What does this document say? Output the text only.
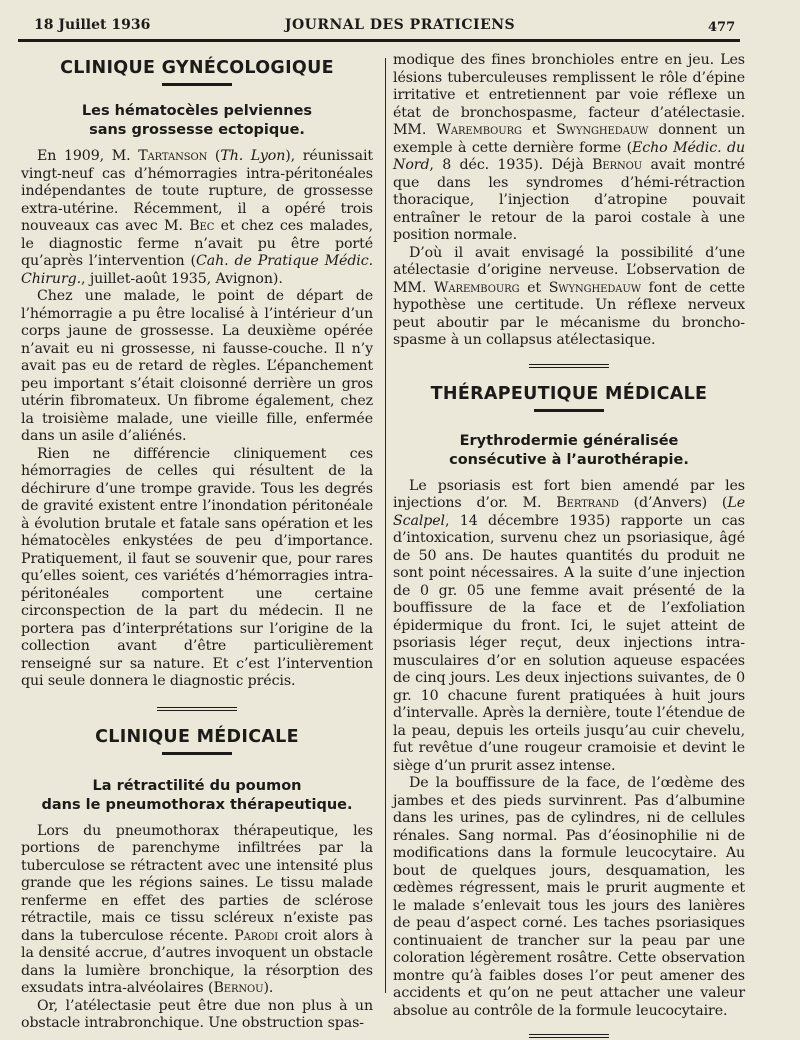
18 Juillet 1936	JOURNAL DES PRATICIENS	477
CLINIQUE GYNÉCOLOGIQUE
Les hématocèles pelviennes
sans grossesse ectopique.

En 1909, M. Tartanson (Th. Lyon), réunissait vingt-neuf cas d’hémorragies intra-péritonéales indépendantes de toute rupture, de grossesse extra-utérine. Récemment, il a opéré trois nouveaux cas avec M. Bec et chez ces malades, le diagnostic ferme n’avait pu être porté qu’après l’intervention (Cah. de Pratique Médic. Chirurg., juillet-août 1935, Avignon).

Chez une malade, le point de départ de l’hémorragie a pu être localisé à l’intérieur d’un corps jaune de grossesse. La deuxième opérée n’avait eu ni grossesse, ni fausse-couche. Il n’y avait pas eu de retard de règles. L’épanchement peu important s’était cloisonné derrière un gros utérin fibromateux. Un fibrome également, chez la troisième malade, une vieille fille, enfermée dans un asile d’aliénés.

Rien ne différencie cliniquement ces hémorragies de celles qui résultent de la déchirure d’une trompe gravide. Tous les degrés de gravité existent entre l’inondation péritonéale à évolution brutale et fatale sans opération et les hématocèles enkystées de peu d’importance. Pratiquement, il faut se souvenir que, pour rares qu’elles soient, ces variétés d’hémorragies intra-péritonéales comportent une certaine circonspection de la part du médecin. Il ne portera pas d’interprétations sur l’origine de la collection avant d’être particulièrement renseigné sur sa nature. Et c’est l’intervention qui seule donnera le diagnostic précis.

CLINIQUE MÉDICALE
La rétractilité du poumon
dans le pneumothorax thérapeutique.

Lors du pneumothorax thérapeutique, les portions de parenchyme infiltrées par la tuberculose se rétractent avec une intensité plus grande que les régions saines. Le tissu malade renferme en effet des parties de sclérose rétractile, mais ce tissu scléreux n’existe pas dans la tuberculose récente. Parodi croit alors à la densité accrue, d’autres invoquent un obstacle dans la lumière bronchique, la résorption des exsudats intra-alvéolaires (Bernou).

Or, l’atélectasie peut être due non plus à un obstacle intrabronchique. Une obstruction spas-

modique des fines bronchioles entre en jeu. Les lésions tuberculeuses remplissent le rôle d’épine irritative et entretiennent par voie réflexe un état de bronchospasme, facteur d’atélectasie. MM. Warembourg et Swynghedauw donnent un exemple à cette dernière forme (Echo Médic. du Nord, 8 déc. 1935). Déjà Bernou avait montré que dans les syndromes d’hémi-rétraction thoracique, l’injection d’atropine pouvait entraîner le retour de la paroi costale à une position normale.

D’où il avait envisagé la possibilité d’une atélectasie d’origine nerveuse. L’observation de MM. Warembourg et Swynghedauw font de cette hypothèse une certitude. Un réflexe nerveux peut aboutir par le mécanisme du broncho-spasme à un collapsus atélectasique.

THÉRAPEUTIQUE MÉDICALE
Erythrodermie généralisée
consécutive à l’aurothérapie.

Le psoriasis est fort bien amendé par les injections d’or. M. Bertrand (d’Anvers) (Le Scalpel, 14 décembre 1935) rapporte un cas d’intoxication, survenu chez un psoriasique, âgé de 50 ans. De hautes quantités du produit ne sont point nécessaires. A la suite d’une injection de 0 gr. 05 une femme avait présenté de la bouffissure de la face et de l’exfoliation épidermique du front. Ici, le sujet atteint de psoriasis léger reçut, deux injections intra-musculaires d’or en solution aqueuse espacées de cinq jours. Les deux injections suivantes, de 0 gr. 10 chacune furent pratiquées à huit jours d’intervalle. Après la dernière, toute l’étendue de la peau, depuis les orteils jusqu’au cuir chevelu, fut revêtue d’une rougeur cramoisie et devint le siège d’un prurit assez intense.

De la bouffissure de la face, de l’œdème des jambes et des pieds survinrent. Pas d’albumine dans les urines, pas de cylindres, ni de cellules rénales. Sang normal. Pas d’éosinophilie ni de modifications dans la formule leucocytaire. Au bout de quelques jours, desquamation, les œdèmes régressent, mais le prurit augmente et le malade s’enlevait tous les jours des lanières de peau d’aspect corné. Les taches psoriasiques continuaient de trancher sur la peau par une coloration légèrement rosâtre. Cette observation montre qu’à faibles doses l’or peut amener des accidents et qu’on ne peut attacher une valeur absolue au contrôle de la formule leucocytaire.
